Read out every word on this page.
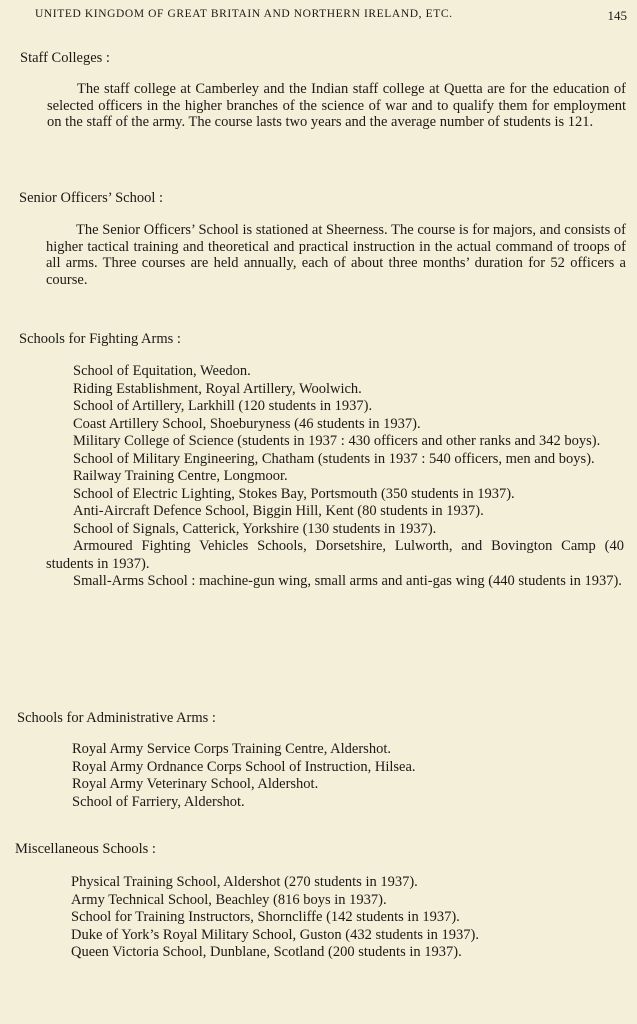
UNITED KINGDOM OF GREAT BRITAIN AND NORTHERN IRELAND, ETC.	145
Staff Colleges :
The staff college at Camberley and the Indian staff college at Quetta are for the education of selected officers in the higher branches of the science of war and to qualify them for employment on the staff of the army. The course lasts two years and the average number of students is 121.
Senior Officers’ School :
The Senior Officers’ School is stationed at Sheerness. The course is for majors, and consists of higher tactical training and theoretical and practical instruction in the actual command of troops of all arms. Three courses are held annually, each of about three months’ duration for 52 officers a course.
Schools for Fighting Arms :
School of Equitation, Weedon.
Riding Establishment, Royal Artillery, Woolwich.
School of Artillery, Larkhill (120 students in 1937).
Coast Artillery School, Shoeburyness (46 students in 1937).
Military College of Science (students in 1937 : 430 officers and other ranks and 342 boys).
School of Military Engineering, Chatham (students in 1937 : 540 officers, men and boys).
Railway Training Centre, Longmoor.
School of Electric Lighting, Stokes Bay, Portsmouth (350 students in 1937).
Anti-Aircraft Defence School, Biggin Hill, Kent (80 students in 1937).
School of Signals, Catterick, Yorkshire (130 students in 1937).
Armoured Fighting Vehicles Schools, Dorsetshire, Lulworth, and Bovington Camp (40 students in 1937).
Small-Arms School : machine-gun wing, small arms and anti-gas wing (440 students in 1937).
Schools for Administrative Arms :
Royal Army Service Corps Training Centre, Aldershot.
Royal Army Ordnance Corps School of Instruction, Hilsea.
Royal Army Veterinary School, Aldershot.
School of Farriery, Aldershot.
Miscellaneous Schools :
Physical Training School, Aldershot (270 students in 1937).
Army Technical School, Beachley (816 boys in 1937).
School for Training Instructors, Shorncliffe (142 students in 1937).
Duke of York’s Royal Military School, Guston (432 students in 1937).
Queen Victoria School, Dunblane, Scotland (200 students in 1937).
